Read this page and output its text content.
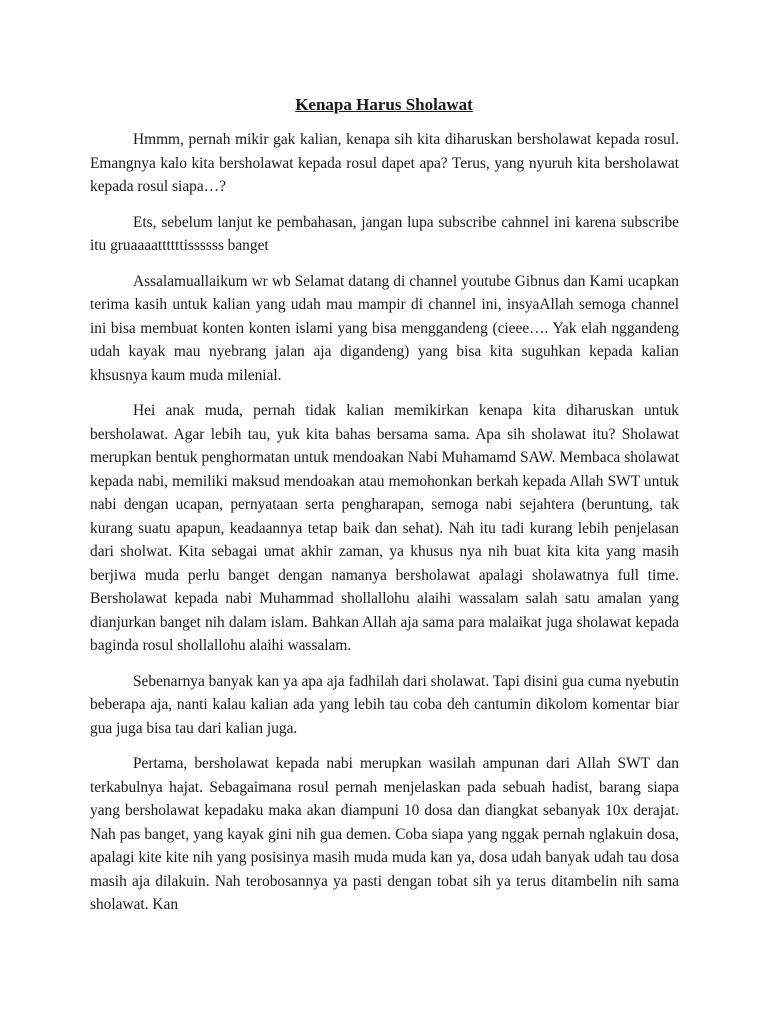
Kenapa Harus Sholawat

Hmmm, pernah mikir gak kalian, kenapa sih kita diharuskan bersholawat kepada rosul. Emangnya kalo kita bersholawat kepada rosul dapet apa? Terus, yang nyuruh kita bersholawat kepada rosul siapa…?

Ets, sebelum lanjut ke pembahasan, jangan lupa subscribe cahnnel ini karena subscribe itu gruaaaattttttissssss banget

Assalamuallaikum wr wb Selamat datang di channel youtube Gibnus dan Kami ucapkan terima kasih untuk kalian yang udah mau mampir di channel ini, insyaAllah semoga channel ini bisa membuat konten konten islami yang bisa menggandeng (cieee…. Yak elah nggandeng udah kayak mau nyebrang jalan aja digandeng) yang bisa kita suguhkan kepada kalian khsusnya kaum muda milenial.

Hei anak muda, pernah tidak kalian memikirkan kenapa kita diharuskan untuk bersholawat. Agar lebih tau, yuk kita bahas bersama sama. Apa sih sholawat itu? Sholawat merupkan bentuk penghormatan untuk mendoakan Nabi Muhamamd SAW. Membaca sholawat kepada nabi, memiliki maksud mendoakan atau memohonkan berkah kepada Allah SWT untuk nabi dengan ucapan, pernyataan serta pengharapan, semoga nabi sejahtera (beruntung, tak kurang suatu apapun, keadaannya tetap baik dan sehat). Nah itu tadi kurang lebih penjelasan dari sholwat. Kita sebagai umat akhir zaman, ya khusus nya nih buat kita kita yang masih berjiwa muda perlu banget dengan namanya bersholawat apalagi sholawatnya full time. Bersholawat kepada nabi Muhammad shollallohu alaihi wassalam salah satu amalan yang dianjurkan banget nih dalam islam. Bahkan Allah aja sama para malaikat juga sholawat kepada baginda rosul shollallohu alaihi wassalam.

Sebenarnya banyak kan ya apa aja fadhilah dari sholawat. Tapi disini gua cuma nyebutin beberapa aja, nanti kalau kalian ada yang lebih tau coba deh cantumin dikolom komentar biar gua juga bisa tau dari kalian juga.

Pertama, bersholawat kepada nabi merupkan wasilah ampunan dari Allah SWT dan terkabulnya hajat. Sebagaimana rosul pernah menjelaskan pada sebuah hadist, barang siapa yang bersholawat kepadaku maka akan diampuni 10 dosa dan diangkat sebanyak 10x derajat. Nah pas banget, yang kayak gini nih gua demen. Coba siapa yang nggak pernah nglakuin dosa, apalagi kite kite nih yang posisinya masih muda muda kan ya, dosa udah banyak udah tau dosa masih aja dilakuin. Nah terobosannya ya pasti dengan tobat sih ya terus ditambelin nih sama sholawat. Kan
